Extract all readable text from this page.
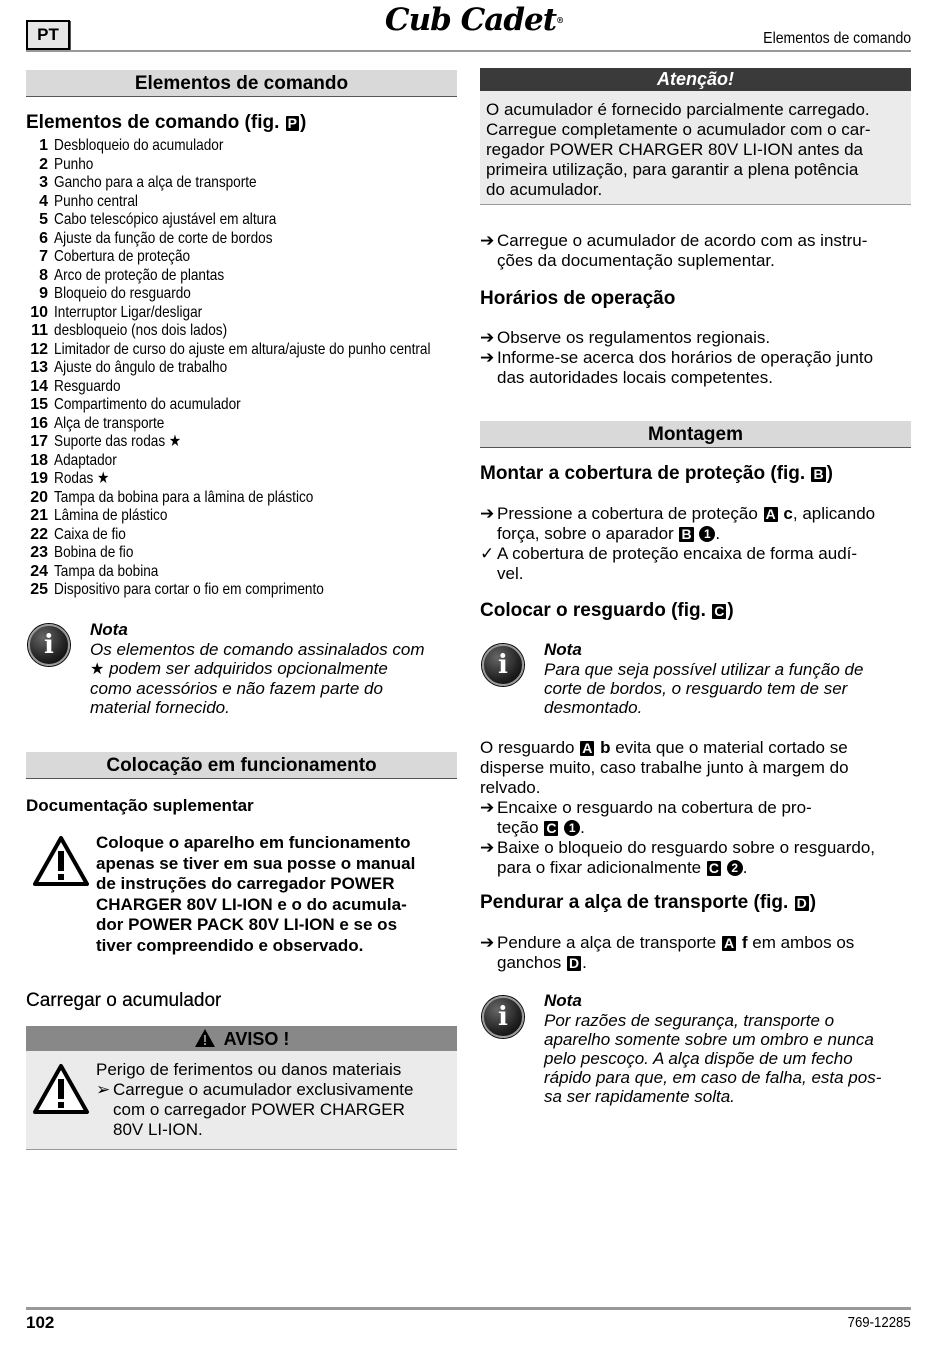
PT	Cub Cadet®
Elementos de comando
Elementos de comando
Elementos de comando (fig. P )
1 Desbloqueio do acumulador
2 Punho
3 Gancho para a alça de transporte
4 Punho central
5 Cabo telescópico ajustável em altura
6 Ajuste da função de corte de bordos
7 Cobertura de proteção
8 Arco de proteção de plantas
9 Bloqueio do resguardo
10 Interruptor Ligar/desligar
11 desbloqueio (nos dois lados)
12 Limitador de curso do ajuste em altura/ajuste do punho central
13 Ajuste do ângulo de trabalho
14 Resguardo
15 Compartimento do acumulador
16 Alça de transporte
17 Suporte das rodas ★
18 Adaptador
19 Rodas ★
20 Tampa da bobina para a lâmina de plástico
21 Lâmina de plástico
22 Caixa de fio
23 Bobina de fio
24 Tampa da bobina
25 Dispositivo para cortar o fio em comprimento
i
Nota
Os elementos de comando assinalados com
★ podem ser adquiridos opcionalmente
como acessórios e não fazem parte do
material fornecido.
Colocação em funcionamento
Documentação suplementar
Coloque o aparelho em funcionamento
apenas se tiver em sua posse o manual
de instruções do carregador POWER
CHARGER 80V LI-ION e o do acumula-
dor POWER PACK 80V LI-ION e se os
tiver compreendido e observado.
Carregar o acumulador
AVISO !
Perigo de ferimentos ou danos materiais
➢ Carregue o acumulador exclusivamente
com o carregador POWER CHARGER
80V LI-ION.
Atenção!
O acumulador é fornecido parcialmente carregado.
Carregue completamente o acumulador com o car-
regador POWER CHARGER 80V LI-ION antes da
primeira utilização, para garantir a plena potência
do acumulador.
➔ Carregue o acumulador de acordo com as instru-
ções da documentação suplementar.
Horários de operação
➔ Observe os regulamentos regionais.
➔ Informe-se acerca dos horários de operação junto
das autoridades locais competentes.
Montagem
Montar a cobertura de proteção (fig. B )
➔ Pressione a cobertura de proteção A c, aplicando
força, sobre o aparador B 1 .
✓ A cobertura de proteção encaixa de forma audí-
vel.
Colocar o resguardo (fig. C )
i
Nota
Para que seja possível utilizar a função de
corte de bordos, o resguardo tem de ser
desmontado.
O resguardo A b evita que o material cortado se
disperse muito, caso trabalhe junto à margem do
relvado.
➔ Encaixe o resguardo na cobertura de pro-
teção C 1 .
➔ Baixe o bloqueio do resguardo sobre o resguardo,
para o fixar adicionalmente C 2 .
Pendurar a alça de transporte (fig. D )
➔ Pendure a alça de transporte A f em ambos os
ganchos D .
i
Nota
Por razões de segurança, transporte o
aparelho somente sobre um ombro e nunca
pelo pescoço. A alça dispõe de um fecho
rápido para que, em caso de falha, esta pos-
sa ser rapidamente solta.
102	769-12285
